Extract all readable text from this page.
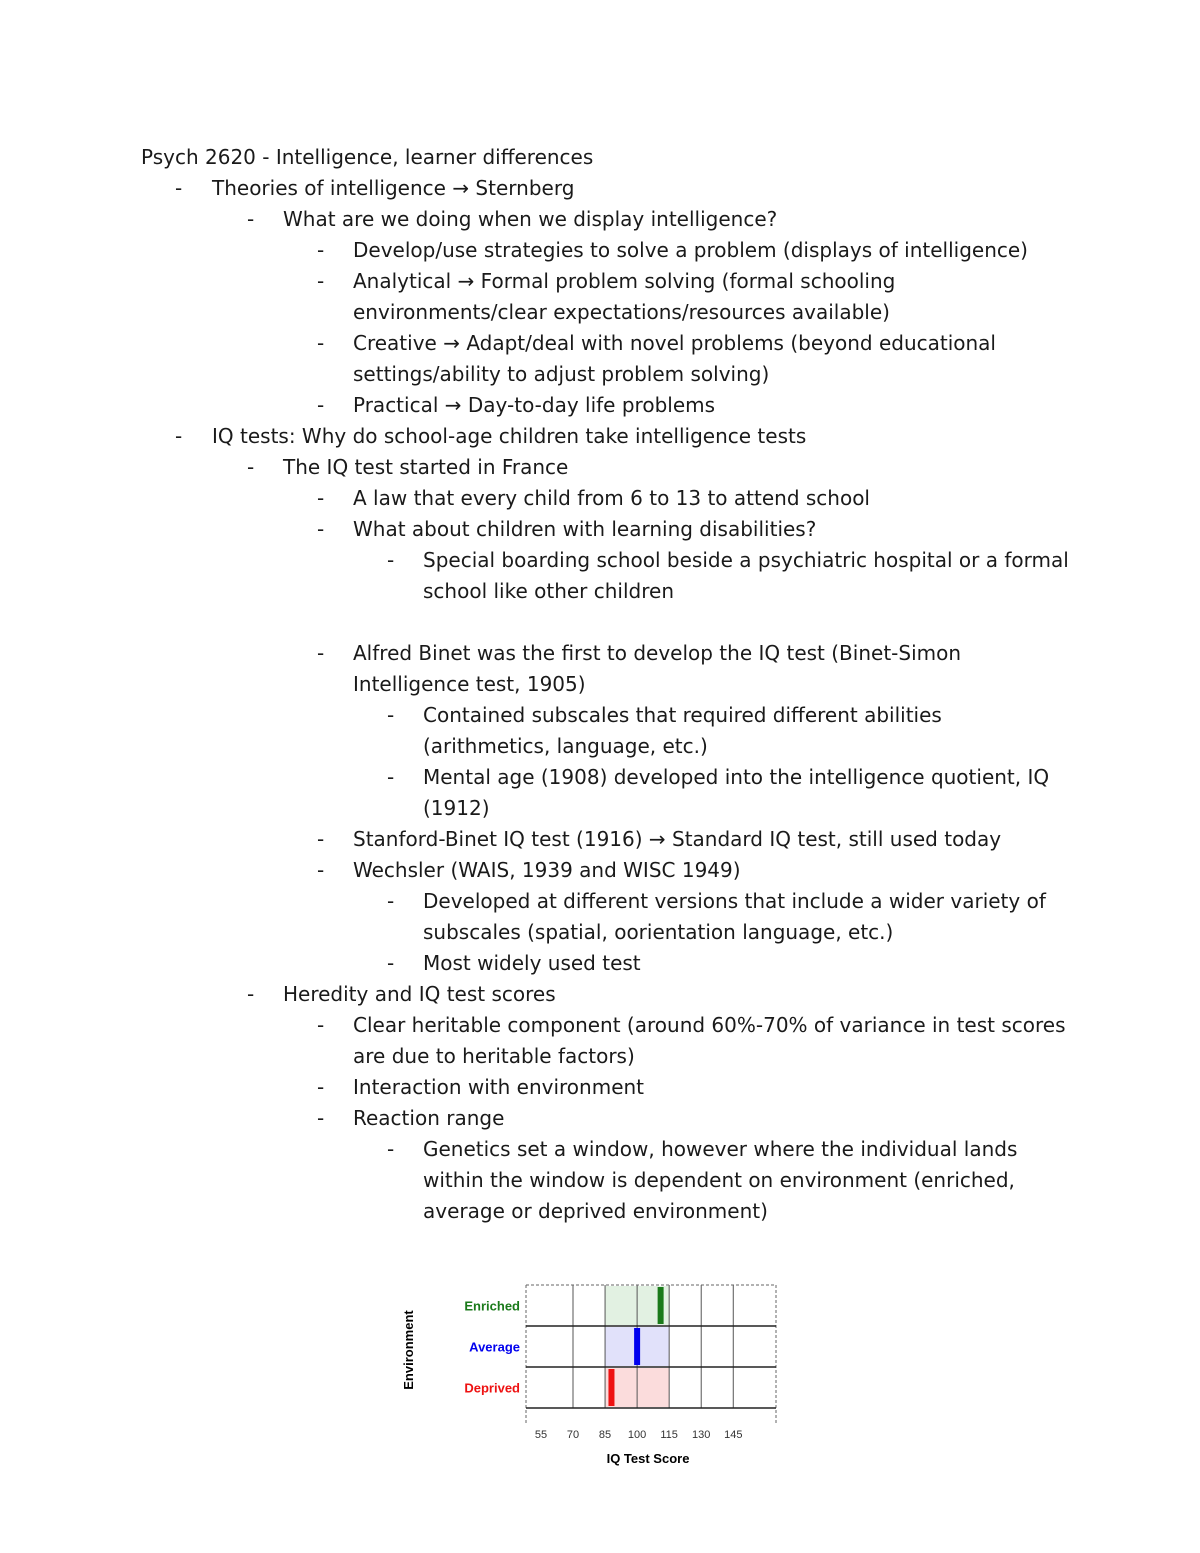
Psych 2620 - Intelligence, learner differences
-	Theories of intelligence → Sternberg
-	What are we doing when we display intelligence?
-	Develop/use strategies to solve a problem (displays of intelligence)
-	Analytical → Formal problem solving (formal schooling environments/clear expectations/resources available)
-	Creative → Adapt/deal with novel problems (beyond educational settings/ability to adjust problem solving)
-	Practical → Day-to-day life problems
-	IQ tests: Why do school-age children take intelligence tests
-	The IQ test started in France
-	A law that every child from 6 to 13 to attend school
-	What about children with learning disabilities?
-	Special boarding school beside a psychiatric hospital or a formal school like other children
-	Alfred Binet was the first to develop the IQ test (Binet-Simon Intelligence test, 1905)
-	Contained subscales that required different abilities (arithmetics, language, etc.)
-	Mental age (1908) developed into the intelligence quotient, IQ (1912)
-	Stanford-Binet IQ test (1916) → Standard IQ test, still used today
-	Wechsler (WAIS, 1939 and WISC 1949)
-	Developed at different versions that include a wider variety of subscales (spatial, oorientation language, etc.)
-	Most widely used test
-	Heredity and IQ test scores
-	Clear heritable component (around 60%-70% of variance in test scores are due to heritable factors)
-	Interaction with environment
-	Reaction range
-	Genetics set a window, however where the individual lands within the window is dependent on environment (enriched, average or deprived environment)
Enriched
Average
Deprived
55 70 85 100 115 130 145
Environment
IQ Test Score
